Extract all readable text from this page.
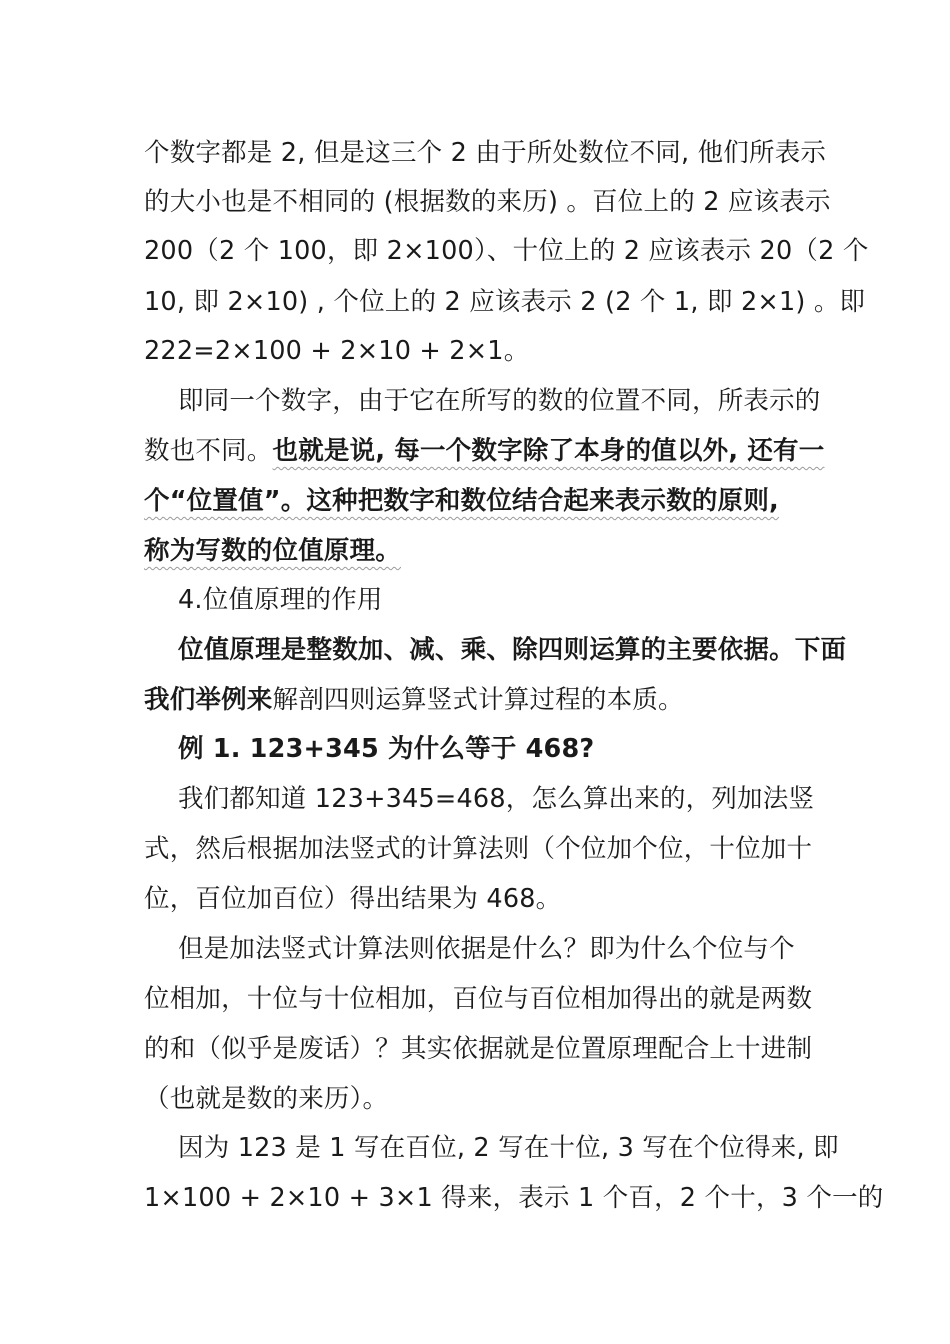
个数字都是 2, 但是这三个 2 由于所处数位不同, 他们所表示
的大小也是不相同的 (根据数的来历) 。百位上的 2 应该表示
200（2 个 100，即 2×100）、十位上的 2 应该表示 20（2 个
10, 即 2×10) , 个位上的 2 应该表示 2 (2 个 1, 即 2×1) 。即
222=2×100 + 2×10 + 2×1。
即同一个数字，由于它在所写的数的位置不同，所表示的
数也不同。也就是说, 每一个数字除了本身的值以外, 还有一
个“位置值”。这种把数字和数位结合起来表示数的原则,
称为写数的位值原理。
4.位值原理的作用
位值原理是整数加、减、乘、除四则运算的主要依据。下面
我们举例来解剖四则运算竖式计算过程的本质。
例 1. 123+345 为什么等于 468?
我们都知道 123+345=468，怎么算出来的，列加法竖
式，然后根据加法竖式的计算法则（个位加个位，十位加十
位，百位加百位）得出结果为 468。
但是加法竖式计算法则依据是什么？即为什么个位与个
位相加，十位与十位相加，百位与百位相加得出的就是两数
的和（似乎是废话）？其实依据就是位置原理配合上十进制
（也就是数的来历）。
因为 123 是 1 写在百位, 2 写在十位, 3 写在个位得来, 即
1×100 + 2×10 + 3×1 得来，表示 1 个百，2 个十，3 个一的
